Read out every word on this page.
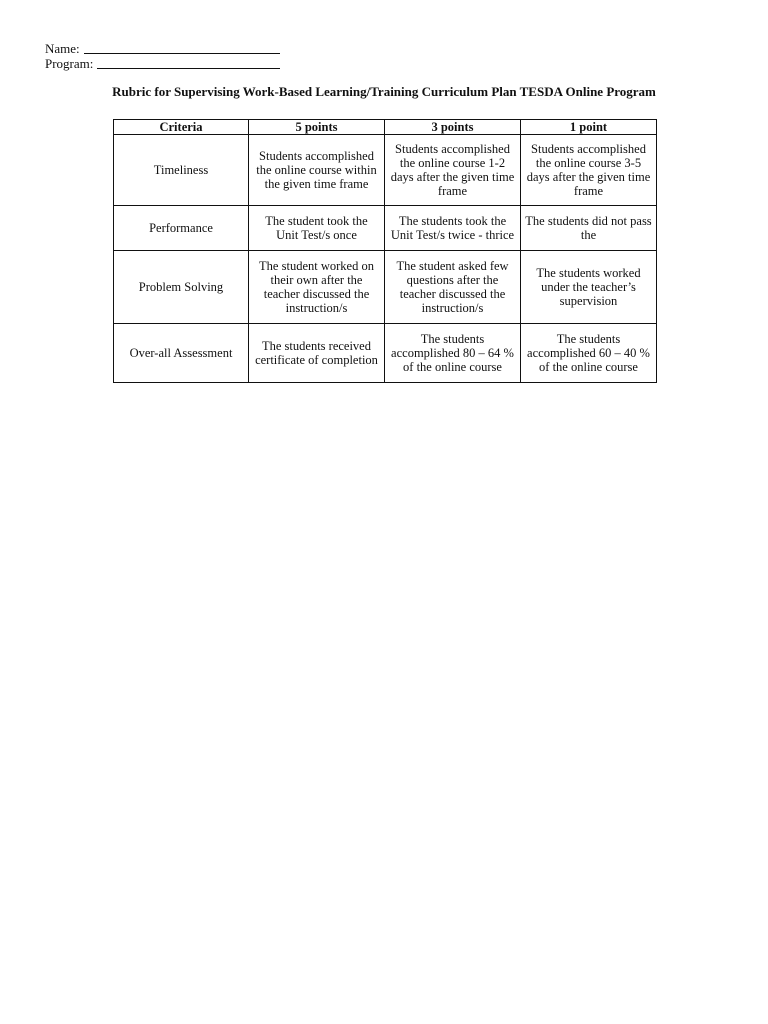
Name:
Program:
Rubric for Supervising Work-Based Learning/Training Curriculum Plan TESDA Online Program
Criteria	5 points	3 points	1 point
Timeliness	Students accomplished the online course within the given time frame	Students accomplished the online course 1-2 days after the given time frame	Students accomplished the online course 3-5 days after the given time frame
Performance	The student took the Unit Test/s once	The students took the Unit Test/s twice - thrice	The students did not pass the
Problem Solving	The student worked on their own after the teacher discussed the instruction/s	The student asked few questions after the teacher discussed the instruction/s	The students worked under the teacher’s supervision
Over-all Assessment	The students received certificate of completion	The students accomplished 80 – 64 % of the online course	The students accomplished 60 – 40 % of the online course
